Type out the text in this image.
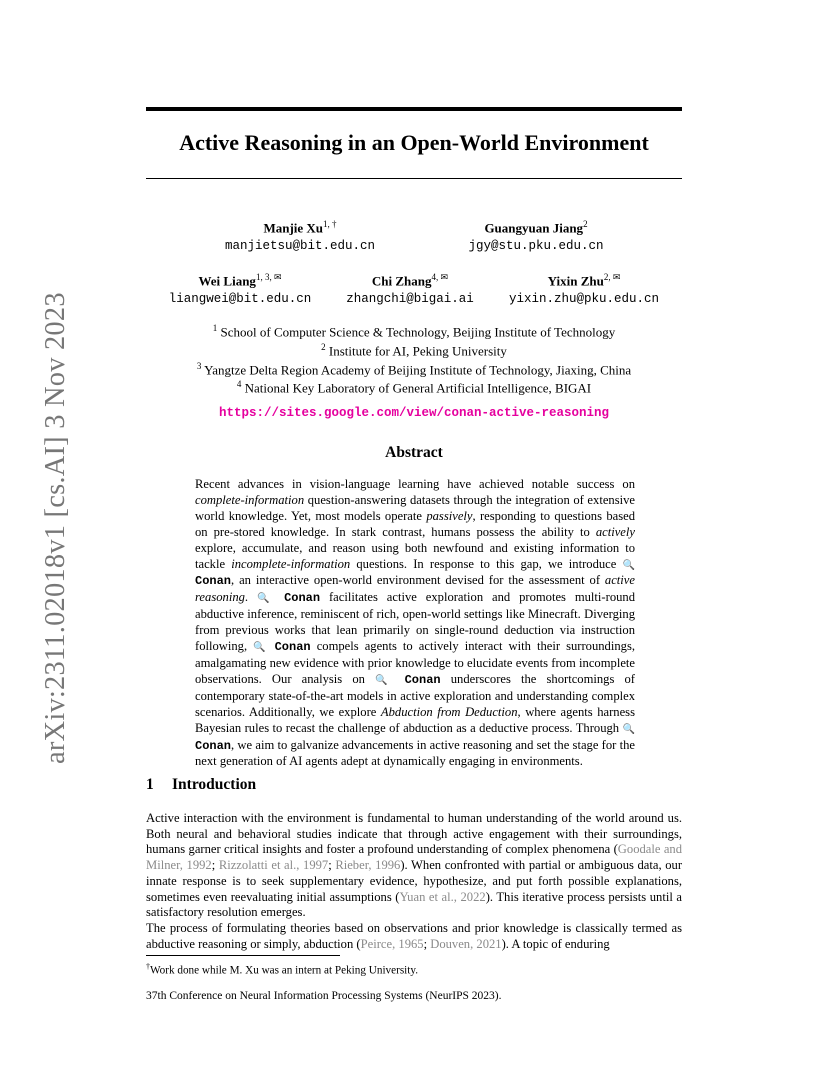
arXiv:2311.02018v1 [cs.AI] 3 Nov 2023
Active Reasoning in an Open-World Environment
Manjie $Xu^{1, \dagger}$
manjietsu@bit.edu.cn
Guangyuan Jiang$^2$
jgy@stu.pku.edu.cn
Wei Liang$^{1, 3, ✉}$
liangwei@bit.edu.cn
Chi Zhang$^{4, ✉}$
zhangchi@bigai.ai
Yixin Zhu$^{2, ✉}$
yixin.zhu@pku.edu.cn
$^1$ School of Computer Science & Technology, Beijing Institute of Technology
$^2$ Institute for AI, Peking University
$^3$ Yangtze Delta Region Academy of Beijing Institute of Technology, Jiaxing, China
$^4$ National Key Laboratory of General Artificial Intelligence, BIGAI
https://sites.google.com/view/conan-active-reasoning
Abstract
Recent advances in vision-language learning have achieved notable success on complete-information question-answering datasets through the integration of extensive world knowledge. Yet, most models operate passively, responding to questions based on pre-stored knowledge. In stark contrast, humans possess the ability to actively explore, accumulate, and reason using both newfound and existing information to tackle incomplete-information questions. In response to this gap, we introduce 🔍 Conan, an interactive open-world environment devised for the assessment of active reasoning. 🔍 Conan facilitates active exploration and promotes multi-round abductive inference, reminiscent of rich, open-world settings like Minecraft. Diverging from previous works that lean primarily on single-round deduction via instruction following, 🔍 Conan compels agents to actively interact with their surroundings, amalgamating new evidence with prior knowledge to elucidate events from incomplete observations. Our analysis on 🔍 Conan underscores the shortcomings of contemporary state-of-the-art models in active exploration and understanding complex scenarios. Additionally, we explore Abduction from Deduction, where agents harness Bayesian rules to recast the challenge of abduction as a deductive process. Through 🔍 Conan, we aim to galvanize advancements in active reasoning and set the stage for the next generation of AI agents adept at dynamically engaging in environments.
1 Introduction
Active interaction with the environment is fundamental to human understanding of the world around us. Both neural and behavioral studies indicate that through active engagement with their surroundings, humans garner critical insights and foster a profound understanding of complex phenomena (Goodale and Milner, 1992; Rizzolatti et al., 1997; Rieber, 1996). When confronted with partial or ambiguous data, our innate response is to seek supplementary evidence, hypothesize, and put forth possible explanations, sometimes even reevaluating initial assumptions (Yuan et al., 2022). This iterative process persists until a satisfactory resolution emerges.
The process of formulating theories based on observations and prior knowledge is classically termed as abductive reasoning or simply, abduction (Peirce, 1965; Douven, 2021). A topic of enduring
†Work done while M. Xu was an intern at Peking University.
37th Conference on Neural Information Processing Systems (NeurIPS 2023).
